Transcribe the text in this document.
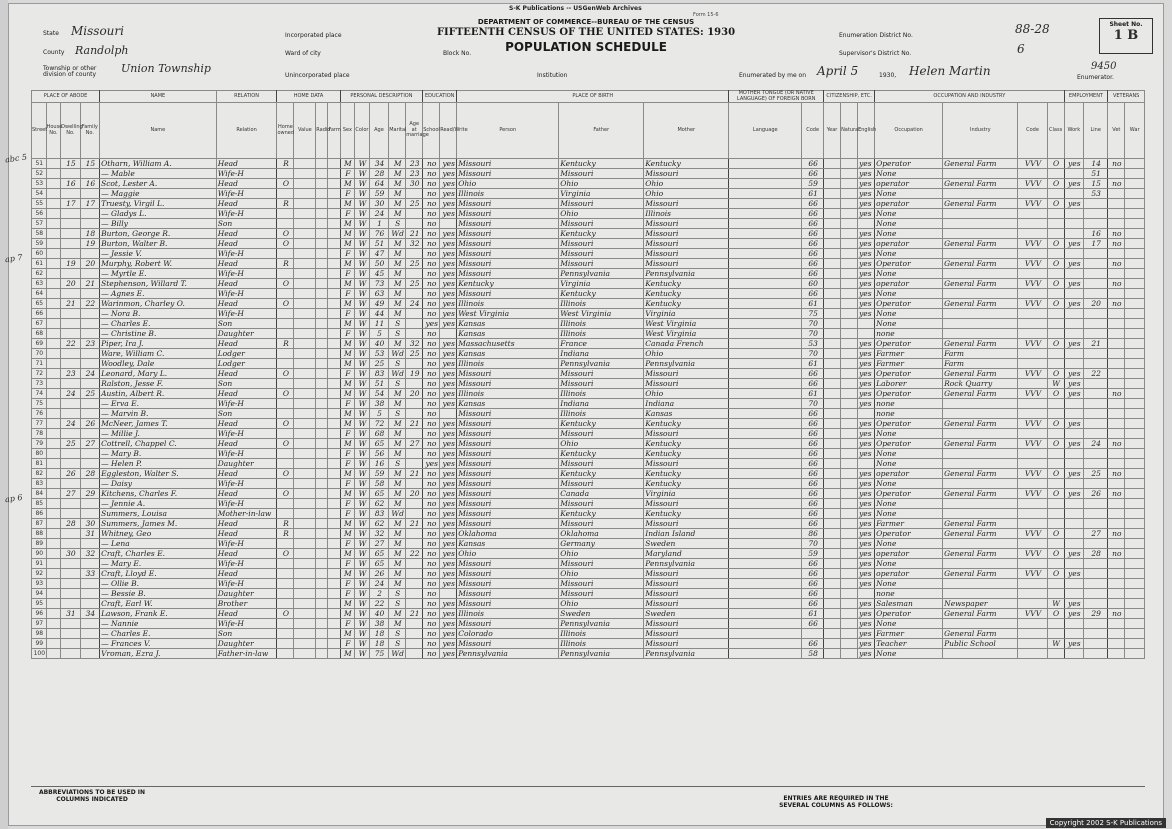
S-K Publications -- USGenWeb Archives
Form 15-6
DEPARTMENT OF COMMERCE--BUREAU OF THE CENSUS
FIFTEENTH CENSUS OF THE UNITED STATES: 1930
POPULATION SCHEDULE
State Missouri
County Randolph
Township or other division of county	Union Township
Incorporated place
Ward of city	Block No.
Unincorporated place	Institution
Enumeration District No.	88-28
Supervisor's District No.	6
Enumerated by me on April 5	1930, Helen Martin	Enumerator.
9450
Sheet No.
1 B
abc 5
ap 7
ap 6
PLACE OF ABODE				NAME	RELATION	HOME DATA				PERSONAL DESCRIPTION					EDUCATION		PLACE OF BIRTH			MOTHER TONGUE (OR NATIVE LANGUAGE) OF FOREIGN BORN		CITIZENSHIP, ETC.			OCCUPATION AND INDUSTRY				EMPLOYMENT		VETERANS	
Street	House No.	Dwelling No.	Family No.	Name	Relation	Home owned	Value	Radio	Farm	Sex	Color	Age	Marital	Age at marriage	School	Read/Write	Person	Father	Mother	Language	Code	Year	Natural.	English	Occupation	Industry	Code	Class	Work	Line	Vet	War
51		15	15	Otharn, William A.	Head	R				M	W	34	M	23	no	yes	Missouri	Kentucky	Kentucky		66			yes	Operator	General Farm	VVV	O	yes	14	no	
52				— Mable	Wife-H					F	W	28	M	23	no	yes	Missouri	Missouri	Missouri		66			yes	None					51		
53		16	16	Scot, Lester A.	Head	O				M	W	64	M	30	no	yes	Ohio	Ohio	Ohio		59			yes	operator	General Farm	VVV	O	yes	15	no	
54				— Maggie	Wife-H					F	W	59	M		no	yes	Illinois	Virginia	Ohio		61			yes	None					53		
55		17	17	Truesty, Virgil L.	Head	R				M	W	30	M	25	no	yes	Missouri	Missouri	Missouri		66			yes	operator	General Farm	VVV	O	yes			
56				— Gladys L.	Wife-H					F	W	24	M		no	yes	Missouri	Ohio	Illinois		66			yes	None							
57				— Billy	Son					M	W	1	S		no		Missouri	Missouri	Missouri		66				None							
58			18	Burton, George R.	Head	O				M	W	76	Wd	21	no	yes	Missouri	Kentucky	Missouri		66			yes	None					16	no	
59			19	Burton, Walter B.	Head	O				M	W	51	M	32	no	yes	Missouri	Missouri	Missouri		66			yes	operator	General Farm	VVV	O	yes	17	no	
60				— Jessie V.	Wife-H					F	W	47	M		no	yes	Missouri	Missouri	Missouri		66			yes	None							
61		19	20	Murphy, Robert W.	Head	R				M	W	50	M	25	no	yes	Missouri	Missouri	Missouri		66			yes	Operator	General Farm	VVV	O	yes		no	
62				— Myrtle E.	Wife-H					F	W	45	M		no	yes	Missouri	Pennsylvania	Pennsylvania		66			yes	None							
63		20	21	Stephenson, Willard T.	Head	O				M	W	73	M	25	no	yes	Kentucky	Virginia	Kentucky		60			yes	operator	General Farm	VVV	O	yes		no	
64				— Agnes E.	Wife-H					F	W	63	M		no	yes	Missouri	Kentucky	Kentucky		66			yes	None							
65		21	22	Warinmon, Charley O.	Head	O				M	W	49	M	24	no	yes	Illinois	Illinois	Kentucky		61			yes	Operator	General Farm	VVV	O	yes	20	no	
66				— Nora B.	Wife-H					F	W	44	M		no	yes	West Virginia	West Virginia	Virginia		75			yes	None							
67				— Charles E.	Son					M	W	11	S		yes	yes	Kansas	Illinois	West Virginia		70				None							
68				— Christine B.	Daughter					F	W	5	S		no		Kansas	Illinois	West Virginia		70				none							
69		22	23	Piper, Ira J.	Head	R				M	W	40	M	32	no	yes	Massachusetts	France	Canada French		53			yes	Operator	General Farm	VVV	O	yes	21		
70				Ware, William C.	Lodger					M	W	53	Wd	25	no	yes	Kansas	Indiana	Ohio		70			yes	Farmer	Farm						
71				Woodley, Dale	Lodger					M	W	25	S		no	yes	Illinois	Pennsylvania	Pennsylvania		61			yes	Farmer	Farm						
72		23	24	Leonard, Mary L.	Head	O				F	W	83	Wd	19	no	yes	Missouri	Missouri	Missouri		66			yes	Operator	General Farm	VVV	O	yes	22		
73				Ralston, Jesse F.	Son					M	W	51	S		no	yes	Missouri	Missouri	Missouri		66			yes	Laborer	Rock Quarry		W	yes			
74		24	25	Austin, Albert R.	Head	O				M	W	54	M	20	no	yes	Illinois	Illinois	Ohio		61			yes	Operator	General Farm	VVV	O	yes		no	
75				— Erva E.	Wife-H					F	W	38	M		no	yes	Kansas	Indiana	Indiana		70			yes	none							
76				— Marvin B.	Son					M	W	5	S		no		Missouri	Illinois	Kansas		66				none							
77		24	26	McNeer, James T.	Head	O				M	W	72	M	21	no	yes	Missouri	Kentucky	Kentucky		66			yes	Operator	General Farm	VVV	O	yes			
78				— Millie J.	Wife-H					F	W	68	M		no	yes	Missouri	Missouri	Missouri		66			yes	None							
79		25	27	Cottrell, Chappel C.	Head	O				M	W	65	M	27	no	yes	Missouri	Ohio	Kentucky		66			yes	Operator	General Farm	VVV	O	yes	24	no	
80				— Mary B.	Wife-H					F	W	56	M		no	yes	Missouri	Kentucky	Kentucky		66			yes	None							
81				— Helen P.	Daughter					F	W	16	S		yes	yes	Missouri	Missouri	Missouri		66				None							
82		26	28	Eggleston, Walter S.	Head	O				M	W	59	M	21	no	yes	Missouri	Kentucky	Kentucky		66			yes	operator	General Farm	VVV	O	yes	25	no	
83				— Daisy	Wife-H					F	W	58	M		no	yes	Missouri	Missouri	Kentucky		66			yes	None							
84		27	29	Kitchens, Charles F.	Head	O				M	W	65	M	20	no	yes	Missouri	Canada	Virginia		66			yes	Operator	General Farm	VVV	O	yes	26	no	
85				— Jennie A.	Wife-H					F	W	62	M		no	yes	Missouri	Missouri	Missouri		66			yes	None							
86				Summers, Louisa	Mother-in-law					F	W	83	Wd		no	yes	Missouri	Kentucky	Kentucky		66			yes	None							
87		28	30	Summers, James M.	Head	R				M	W	62	M	21	no	yes	Missouri	Missouri	Missouri		66			yes	Farmer	General Farm						
88			31	Whitney, Geo	Head	R				M	W	32	M		no	yes	Oklahoma	Oklahoma	Indian Island		86			yes	Operator	General Farm	VVV	O		27	no	
89				— Lena	Wife-H					F	W	27	M		no	yes	Kansas	Germany	Sweden		70			yes	None							
90		30	32	Craft, Charles E.	Head	O				M	W	65	M	22	no	yes	Ohio	Ohio	Maryland		59			yes	operator	General Farm	VVV	O	yes	28	no	
91				— Mary E.	Wife-H					F	W	65	M		no	yes	Missouri	Missouri	Pennsylvania		66			yes	None							
92			33	Craft, Lloyd E.	Head					M	W	26	M		no	yes	Missouri	Ohio	Missouri		66			yes	operator	General Farm	VVV	O	yes			
93				— Ollie B.	Wife-H					F	W	24	M		no	yes	Missouri	Missouri	Missouri		66			yes	None							
94				— Bessie B.	Daughter					F	W	2	S		no		Missouri	Missouri	Missouri		66				none							
95				Craft, Earl W.	Brother					M	W	22	S		no	yes	Missouri	Ohio	Missouri		66			yes	Salesman	Newspaper		W	yes			
96		31	34	Lawson, Frank E.	Head	O				M	W	40	M	21	no	yes	Illinois	Sweden	Sweden		61			yes	Operator	General Farm	VVV	O	yes	29	no	
97				— Nannie	Wife-H					F	W	38	M		no	yes	Missouri	Pennsylvania	Missouri		66			yes	None							
98				— Charles E.	Son					M	W	18	S		no	yes	Colorado	Illinois	Missouri					yes	Farmer	General Farm						
99				— Frances V.	Daughter					F	W	18	S		no	yes	Missouri	Illinois	Missouri		66			yes	Teacher	Public School		W	yes			
100				Vroman, Ezra J.	Father-in-law					M	W	75	Wd		no	yes	Pennsylvania	Pennsylvania	Pennsylvania		58			yes	None							
ABBREVIATIONS TO BE USED IN COLUMNS INDICATED	ENTRIES ARE REQUIRED IN THE SEVERAL COLUMNS AS FOLLOWS:
Copyright 2002 S-K Publications
